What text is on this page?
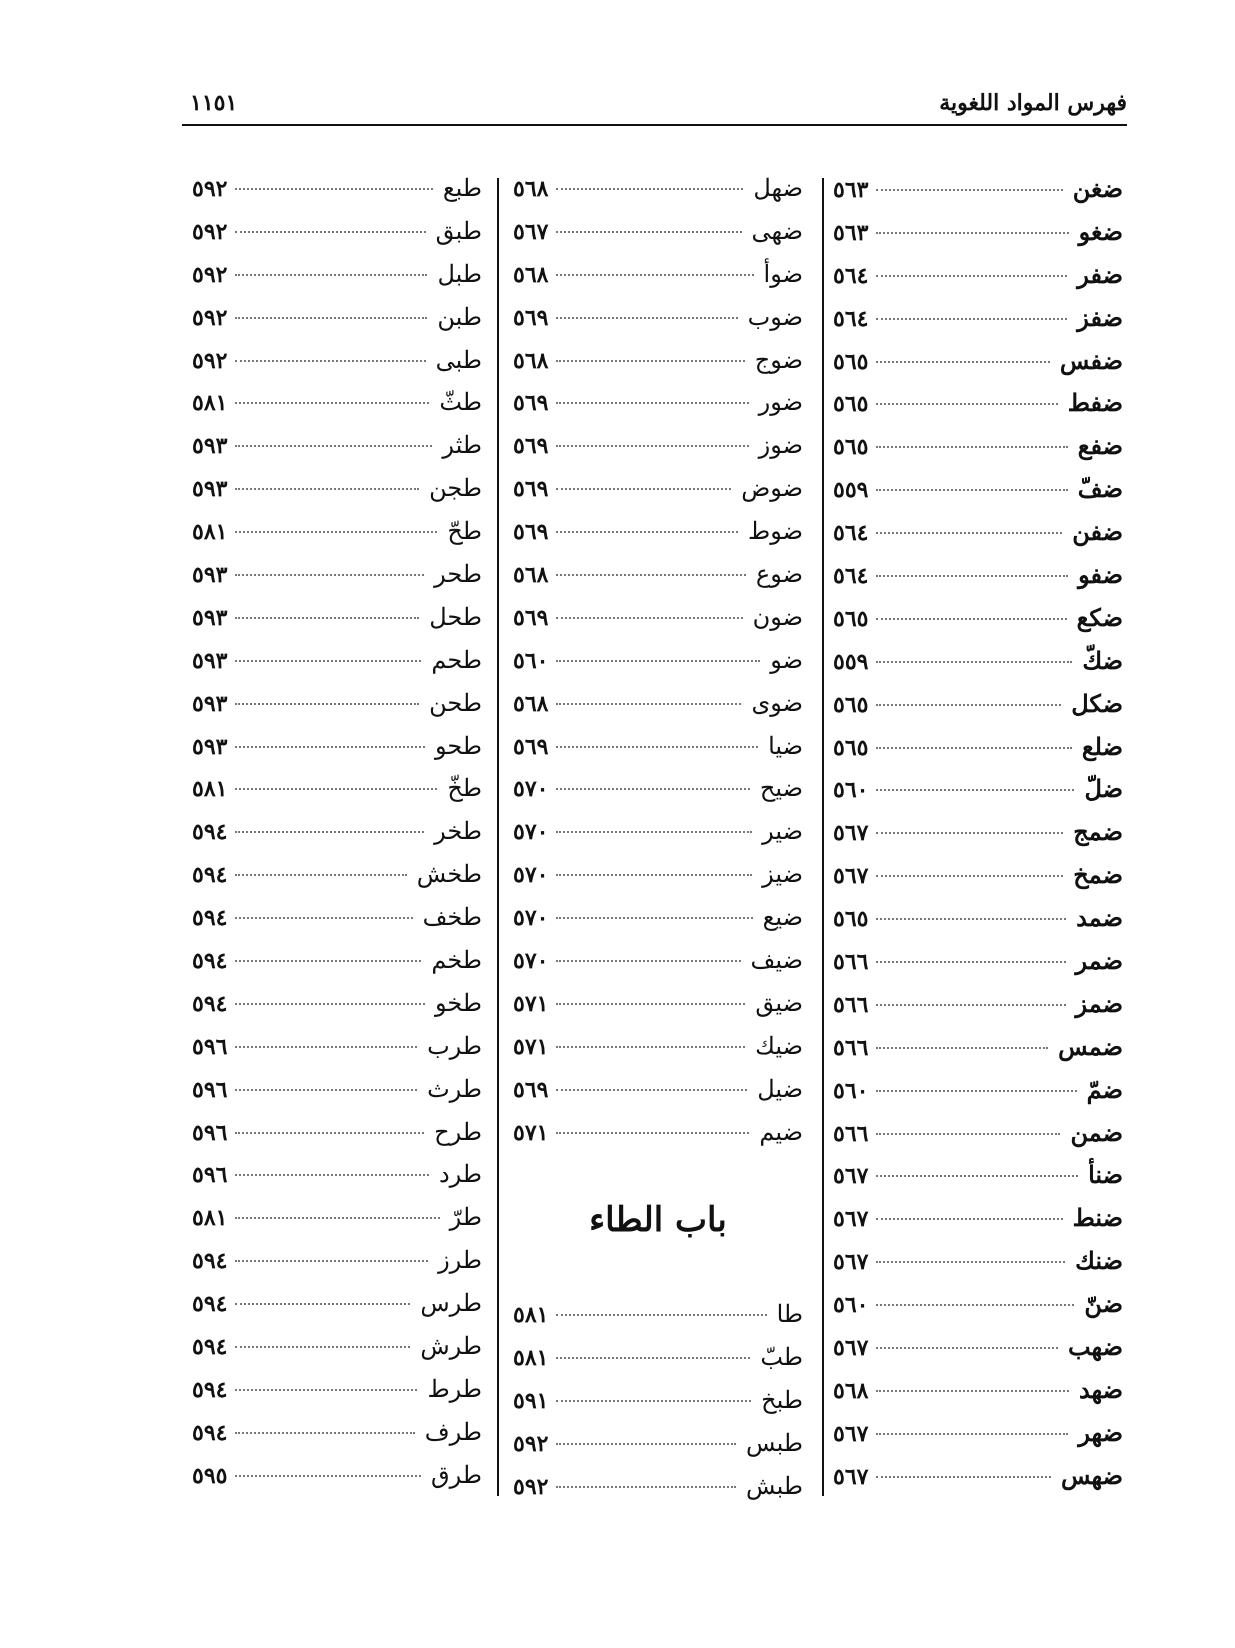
فهرس المواد اللغوية
١١٥١
ضغن
٥٦٣
ضغو
٥٦٣
ضفر
٥٦٤
ضفز
٥٦٤
ضفس
٥٦٥
ضفط
٥٦٥
ضفع
٥٦٥
ضفّ
٥٥٩
ضفن
٥٦٤
ضفو
٥٦٤
ضكع
٥٦٥
ضكّ
٥٥٩
ضكل
٥٦٥
ضلع
٥٦٥
ضلّ
٥٦٠
ضمج
٥٦٧
ضمخ
٥٦٧
ضمد
٥٦٥
ضمر
٥٦٦
ضمز
٥٦٦
ضمس
٥٦٦
ضمّ
٥٦٠
ضمن
٥٦٦
ضنأ
٥٦٧
ضنط
٥٦٧
ضنك
٥٦٧
ضنّ
٥٦٠
ضهب
٥٦٧
ضهد
٥٦٨
ضهر
٥٦٧
ضهس
٥٦٧
ضهل
٥٦٨
ضهى
٥٦٧
ضوأ
٥٦٨
ضوب
٥٦٩
ضوج
٥٦٨
ضور
٥٦٩
ضوز
٥٦٩
ضوض
٥٦٩
ضوط
٥٦٩
ضوع
٥٦٨
ضون
٥٦٩
ضو
٥٦٠
ضوى
٥٦٨
ضيا
٥٦٩
ضيح
٥٧٠
ضير
٥٧٠
ضيز
٥٧٠
ضيع
٥٧٠
ضيف
٥٧٠
ضيق
٥٧١
ضيك
٥٧١
ضيل
٥٦٩
ضيم
٥٧١
طا
٥٨١
طبّ
٥٨١
طبخ
٥٩١
طبس
٥٩٢
طبش
٥٩٢
طبع
٥٩٢
طبق
٥٩٢
طبل
٥٩٢
طبن
٥٩٢
طبى
٥٩٢
طثّ
٥٨١
طثر
٥٩٣
طجن
٥٩٣
طحّ
٥٨١
طحر
٥٩٣
طحل
٥٩٣
طحم
٥٩٣
طحن
٥٩٣
طحو
٥٩٣
طخّ
٥٨١
طخر
٥٩٤
طخش
٥٩٤
طخف
٥٩٤
طخم
٥٩٤
طخو
٥٩٤
طرب
٥٩٦
طرث
٥٩٦
طرح
٥٩٦
طرد
٥٩٦
طرّ
٥٨١
طرز
٥٩٤
طرس
٥٩٤
طرش
٥٩٤
طرط
٥٩٤
طرف
٥٩٤
طرق
٥٩٥
باب الطاء
